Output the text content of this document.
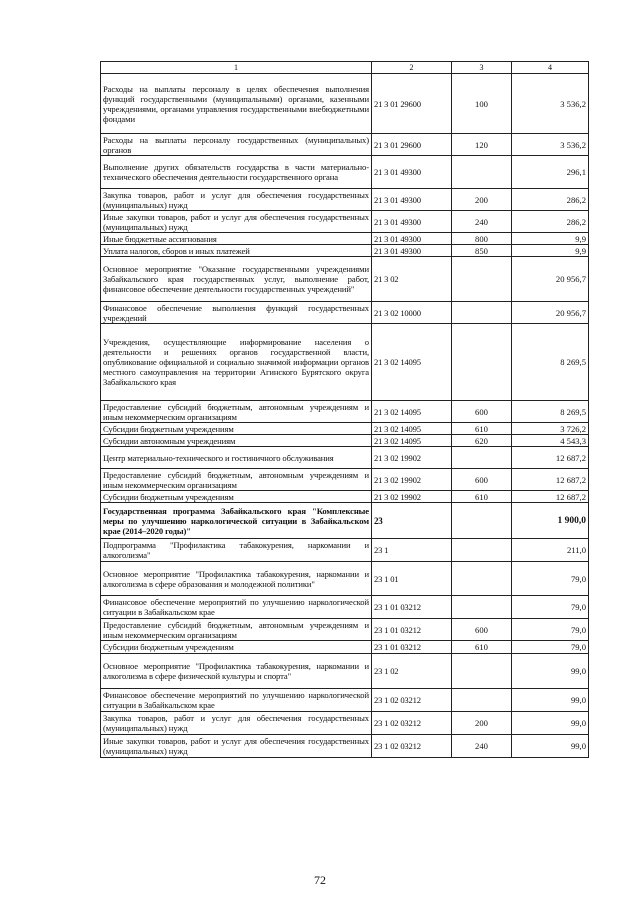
1	2	3	4
Расходы на выплаты персоналу в целях обеспечения выполнения функций государственными (муниципальными) органами, казенными учреждениями, органами управления государственными внебюджетными фондами	21 3 01 29600	100	3 536,2
Расходы на выплаты персоналу государственных (муниципальных) органов	21 3 01 29600	120	3 536,2
Выполнение других обязательств государства в части материально-технического обеспечения деятельности государственного органа	21 3 01 49300		296,1
Закупка товаров, работ и услуг для обеспечения государственных (муниципальных) нужд	21 3 01 49300	200	286,2
Иные закупки товаров, работ и услуг для обеспечения государственных (муниципальных) нужд	21 3 01 49300	240	286,2
Иные бюджетные ассигнования	21 3 01 49300	800	9,9
Уплата налогов, сборов и иных платежей	21 3 01 49300	850	9,9
Основное мероприятие "Оказание государственными учреждениями Забайкальского края государственных услуг, выполнение работ, финансовое обеспечение деятельности государственных учреждений"	21 3 02		20 956,7
Финансовое обеспечение выполнения функций государственных учреждений	21 3 02 10000		20 956,7
Учреждения, осуществляющие информирование населения о деятельности и решениях органов государственной власти, опубликование официальной и социально значимой информации органов местного самоуправления на территории Агинского Бурятского округа Забайкальского края	21 3 02 14095		8 269,5
Предоставление субсидий бюджетным, автономным учреждениям и иным некоммерческим организациям	21 3 02 14095	600	8 269,5
Субсидии бюджетным учреждениям	21 3 02 14095	610	3 726,2
Субсидии автономным учреждениям	21 3 02 14095	620	4 543,3
Центр материально-технического и гостиничного обслуживания	21 3 02 19902		12 687,2
Предоставление субсидий бюджетным, автономным учреждениям и иным некоммерческим организациям	21 3 02 19902	600	12 687,2
Субсидии бюджетным учреждениям	21 3 02 19902	610	12 687,2
Государственная программа Забайкальского края "Комплексные меры по улучшению наркологической ситуации в Забайкальском крае (2014–2020 годы)"	23		1 900,0
Подпрограмма "Профилактика табакокурения, наркомании и алкоголизма"	23 1		211,0
Основное мероприятие "Профилактика табакокурения, наркомании и алкоголизма в сфере образования и молодежной политики"	23 1 01		79,0
Финансовое обеспечение мероприятий по улучшению наркологической ситуации в Забайкальском крае	23 1 01 03212		79,0
Предоставление субсидий бюджетным, автономным учреждениям и иным некоммерческим организациям	23 1 01 03212	600	79,0
Субсидии бюджетным учреждениям	23 1 01 03212	610	79,0
Основное мероприятие "Профилактика табакокурения, наркомании и алкоголизма в сфере физической культуры и спорта"	23 1 02		99,0
Финансовое обеспечение мероприятий по улучшению наркологической ситуации в Забайкальском крае	23 1 02 03212		99,0
Закупка товаров, работ и услуг для обеспечения государственных (муниципальных) нужд	23 1 02 03212	200	99,0
Иные закупки товаров, работ и услуг для обеспечения государственных (муниципальных) нужд	23 1 02 03212	240	99,0
72
